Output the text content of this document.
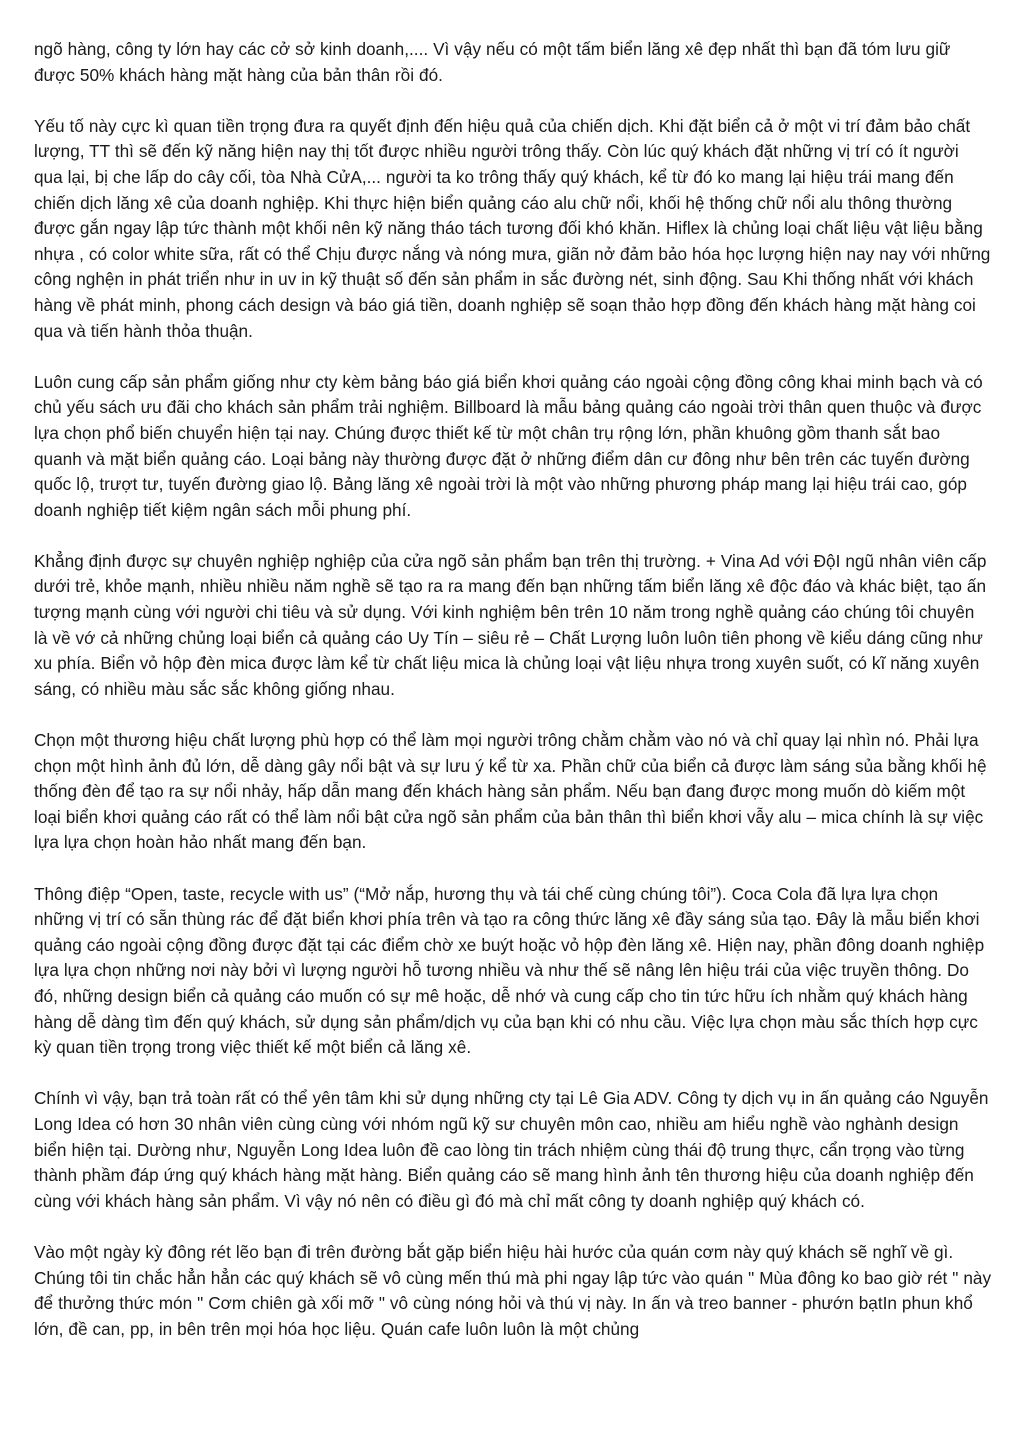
ngõ hàng, công ty lớn hay các cở sở kinh doanh,.... Vì vậy nếu có một tấm biển lăng xê đẹp nhất thì bạn đã tóm lưu giữ được 50% khách hàng mặt hàng của bản thân rồi đó.

Yếu tố này cực kì quan tiền trọng đưa ra quyết định đến hiệu quả của chiến dịch. Khi đặt biển cả ở một vi trí đảm bảo chất lượng, TT thì sẽ đến kỹ năng hiện nay thị tốt được nhiều người trông thấy. Còn lúc quý khách đặt những vị trí có ít người qua lại, bị che lấp do cây cối, tòa Nhà CửA,... người ta ko trông thấy quý khách, kể từ đó ko mang lại hiệu trái mang đến chiến dịch lăng xê của doanh nghiệp. Khi thực hiện biển quảng cáo alu chữ nổi, khối hệ thống chữ nổi alu thông thường được gắn ngay lập tức thành một khối nên kỹ năng tháo tách tương đối khó khăn. Hiflex là chủng loại chất liệu vật liệu bằng nhựa , có color white sữa, rất có thể Chịu được nắng và nóng mưa, giãn nở đảm bảo hóa học lượng hiện nay nay với những công nghện in phát triển như in uv in kỹ thuật số đến sản phẩm in sắc đường nét, sinh động. Sau Khi thống nhất với khách hàng về phát minh, phong cách design và báo giá tiền, doanh nghiệp sẽ soạn thảo hợp đồng đến khách hàng mặt hàng coi qua và tiến hành thỏa thuận.

Luôn cung cấp sản phẩm giống như cty kèm bảng báo giá biển khơi quảng cáo ngoài cộng đồng công khai minh bạch và có chủ yếu sách ưu đãi cho khách sản phẩm trải nghiệm. Billboard là mẫu bảng quảng cáo ngoài trời thân quen thuộc và được lựa chọn phổ biến chuyển hiện tại nay. Chúng được thiết kế từ một chân trụ rộng lớn, phần khuông gồm thanh sắt bao quanh và mặt biển quảng cáo. Loại bảng này thường được đặt ở những điểm dân cư đông như bên trên các tuyến đường quốc lộ, trượt tư, tuyến đường giao lộ. Bảng lăng xê ngoài trời là một vào những phương pháp mang lại hiệu trái cao, góp doanh nghiệp tiết kiệm ngân sách mỗi phung phí.

Khẳng định được sự chuyên nghiệp nghiệp của cửa ngõ sản phẩm bạn trên thị trường. + Vina Ad với ĐộI ngũ nhân viên cấp dưới trẻ, khỏe mạnh, nhiều nhiều năm nghề sẽ tạo ra ra mang đến bạn những tấm biển lăng xê độc đáo và khác biệt, tạo ấn tượng mạnh cùng với người chi tiêu và sử dụng. Với kinh nghiệm bên trên 10 năm trong nghề quảng cáo chúng tôi chuyên là về vớ cả những chủng loại biển cả quảng cáo Uy Tín – siêu rẻ – Chất Lượng luôn luôn tiên phong về kiểu dáng cũng như xu phía. Biển vỏ hộp đèn mica được làm kể từ chất liệu mica là chủng loại vật liệu nhựa trong xuyên suốt, có kĩ năng xuyên sáng, có nhiều màu sắc sắc không giống nhau.

Chọn một thương hiệu chất lượng phù hợp có thể làm mọi người trông chằm chằm vào nó và chỉ quay lại nhìn nó. Phải lựa chọn một hình ảnh đủ lớn, dễ dàng gây nổi bật và sự lưu ý kể từ xa. Phần chữ của biển cả được làm sáng sủa bằng khối hệ thống đèn để tạo ra sự nổi nhảy, hấp dẫn mang đến khách hàng sản phẩm. Nếu bạn đang được mong muốn dò kiếm một loại biển khơi quảng cáo rất có thể làm nổi bật cửa ngõ sản phẩm của bản thân thì biển khơi vẫy alu – mica chính là sự việc lựa lựa chọn hoàn hảo nhất mang đến bạn.

Thông điệp “Open, taste, recycle with us” (“Mở nắp, hương thụ và tái chế cùng chúng tôi”). Coca Cola đã lựa lựa chọn những vị trí có sẵn thùng rác để đặt biển khơi phía trên và tạo ra công thức lăng xê đầy sáng sủa tạo. Đây là mẫu biển khơi quảng cáo ngoài cộng đồng được đặt tại các điểm chờ xe buýt hoặc vỏ hộp đèn lăng xê. Hiện nay, phần đông doanh nghiệp lựa lựa chọn những nơi này bởi vì lượng người hỗ tương nhiều và như thế sẽ nâng lên hiệu trái của việc truyền thông. Do đó, những design biển cả quảng cáo muốn có sự mê hoặc, dễ nhớ và cung cấp cho tin tức hữu ích nhằm quý khách hàng hàng dễ dàng tìm đến quý khách, sử dụng sản phẩm/dịch vụ của bạn khi có nhu cầu. Việc lựa chọn màu sắc thích hợp cực kỳ quan tiền trọng trong việc thiết kế một biển cả lăng xê.

Chính vì vậy, bạn trả toàn rất có thể yên tâm khi sử dụng những cty tại Lê Gia ADV. Công ty dịch vụ in ấn quảng cáo Nguyễn Long Idea có hơn 30 nhân viên cùng cùng với nhóm ngũ kỹ sư chuyên môn cao, nhiều am hiểu nghề vào nghành design biển hiện tại. Dường như, Nguyễn Long Idea luôn đề cao lòng tin trách nhiệm cùng thái độ trung thực, cẩn trọng vào từng thành phầm đáp ứng quý khách hàng mặt hàng. Biển quảng cáo sẽ mang hình ảnh tên thương hiệu của doanh nghiệp đến cùng với khách hàng sản phẩm. Vì vậy nó nên có điều gì đó mà chỉ mất công ty doanh nghiệp quý khách có.

Vào một ngày kỳ đông rét lẽo bạn đi trên đường bắt gặp biển hiệu hài hước của quán cơm này quý khách sẽ nghĩ về gì. Chúng tôi tin chắc hẳn hẳn các quý khách sẽ vô cùng mến thú mà phi ngay lập tức vào quán " Mùa đông ko bao giờ rét " này để thưởng thức món " Cơm chiên gà xối mỡ " vô cùng nóng hỏi và thú vị này. In ấn và treo banner - phướn bạtIn phun khổ lớn, đề can, pp, in bên trên mọi hóa học liệu. Quán cafe luôn luôn là một chủng
